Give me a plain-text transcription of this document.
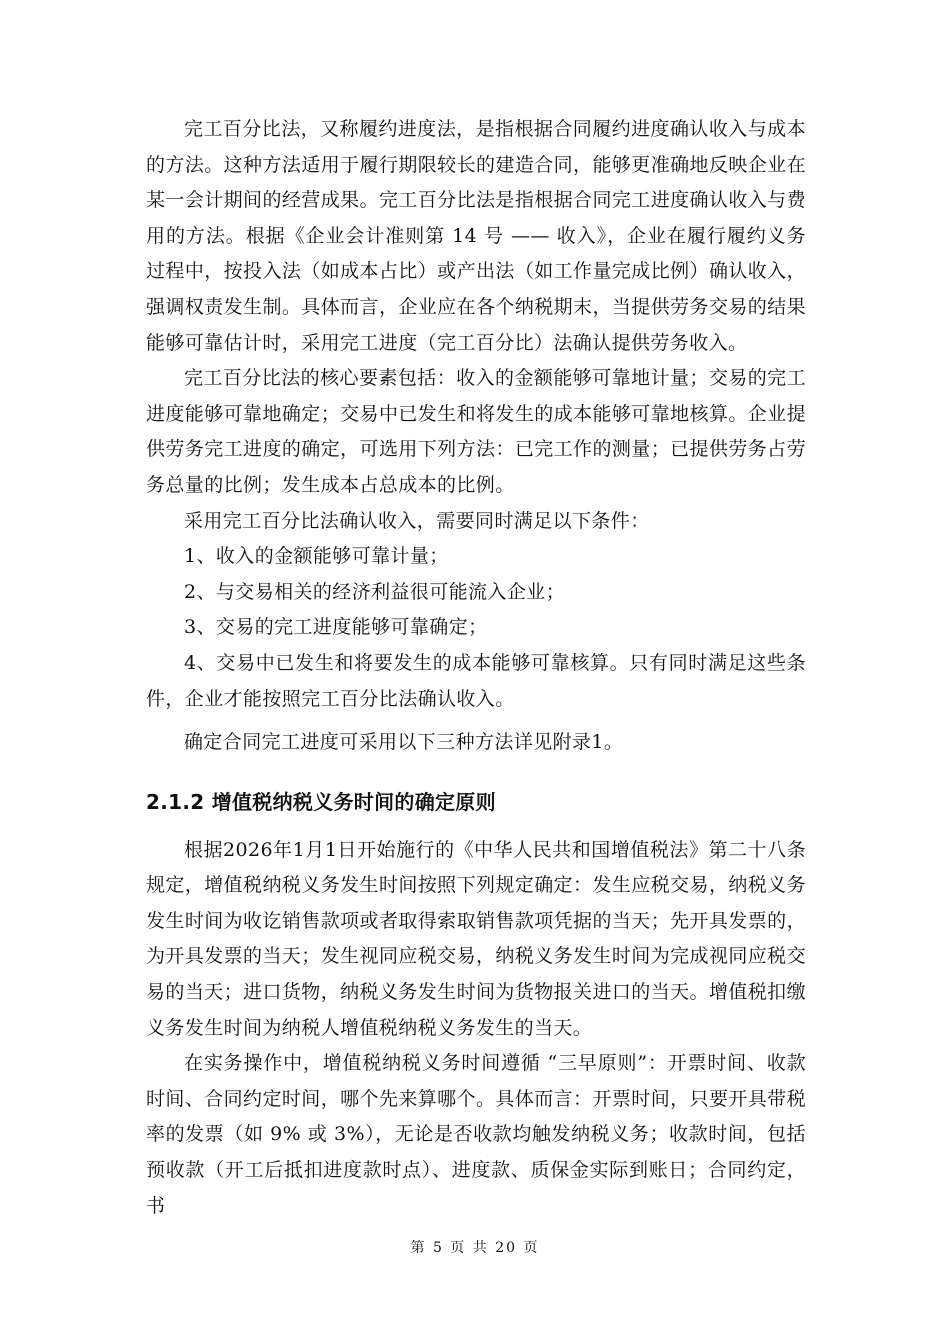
完工百分比法，又称履约进度法，是指根据合同履约进度确认收入与成本的方法。这种方法适用于履行期限较长的建造合同，能够更准确地反映企业在某一会计期间的经营成果。完工百分比法是指根据合同完工进度确认收入与费用的方法。根据《企业会计准则第 14 号 —— 收入》，企业在履行履约义务过程中，按投入法（如成本占比）或产出法（如工作量完成比例）确认收入，强调权责发生制。具体而言，企业应在各个纳税期末，当提供劳务交易的结果能够可靠估计时，采用完工进度（完工百分比）法确认提供劳务收入。

完工百分比法的核心要素包括：收入的金额能够可靠地计量；交易的完工进度能够可靠地确定；交易中已发生和将发生的成本能够可靠地核算。企业提供劳务完工进度的确定，可选用下列方法：已完工作的测量；已提供劳务占劳务总量的比例；发生成本占总成本的比例。

采用完工百分比法确认收入，需要同时满足以下条件：

1、收入的金额能够可靠计量；

2、与交易相关的经济利益很可能流入企业；

3、交易的完工进度能够可靠确定；

4、交易中已发生和将要发生的成本能够可靠核算。只有同时满足这些条件，企业才能按照完工百分比法确认收入。

确定合同完工进度可采用以下三种方法详见附录1。

2.1.2 增值税纳税义务时间的确定原则

根据2026年1月1日开始施行的《中华人民共和国增值税法》第二十八条规定，增值税纳税义务发生时间按照下列规定确定：发生应税交易，纳税义务发生时间为收讫销售款项或者取得索取销售款项凭据的当天；先开具发票的，为开具发票的当天；发生视同应税交易，纳税义务发生时间为完成视同应税交易的当天；进口货物，纳税义务发生时间为货物报关进口的当天。增值税扣缴义务发生时间为纳税人增值税纳税义务发生的当天。

在实务操作中，增值税纳税义务时间遵循 “三早原则”：开票时间、收款时间、合同约定时间，哪个先来算哪个。具体而言：开票时间，只要开具带税率的发票（如 9% 或 3%），无论是否收款均触发纳税义务；收款时间，包括预收款（开工后抵扣进度款时点）、进度款、质保金实际到账日；合同约定，书

第 5 页 共 20 页
